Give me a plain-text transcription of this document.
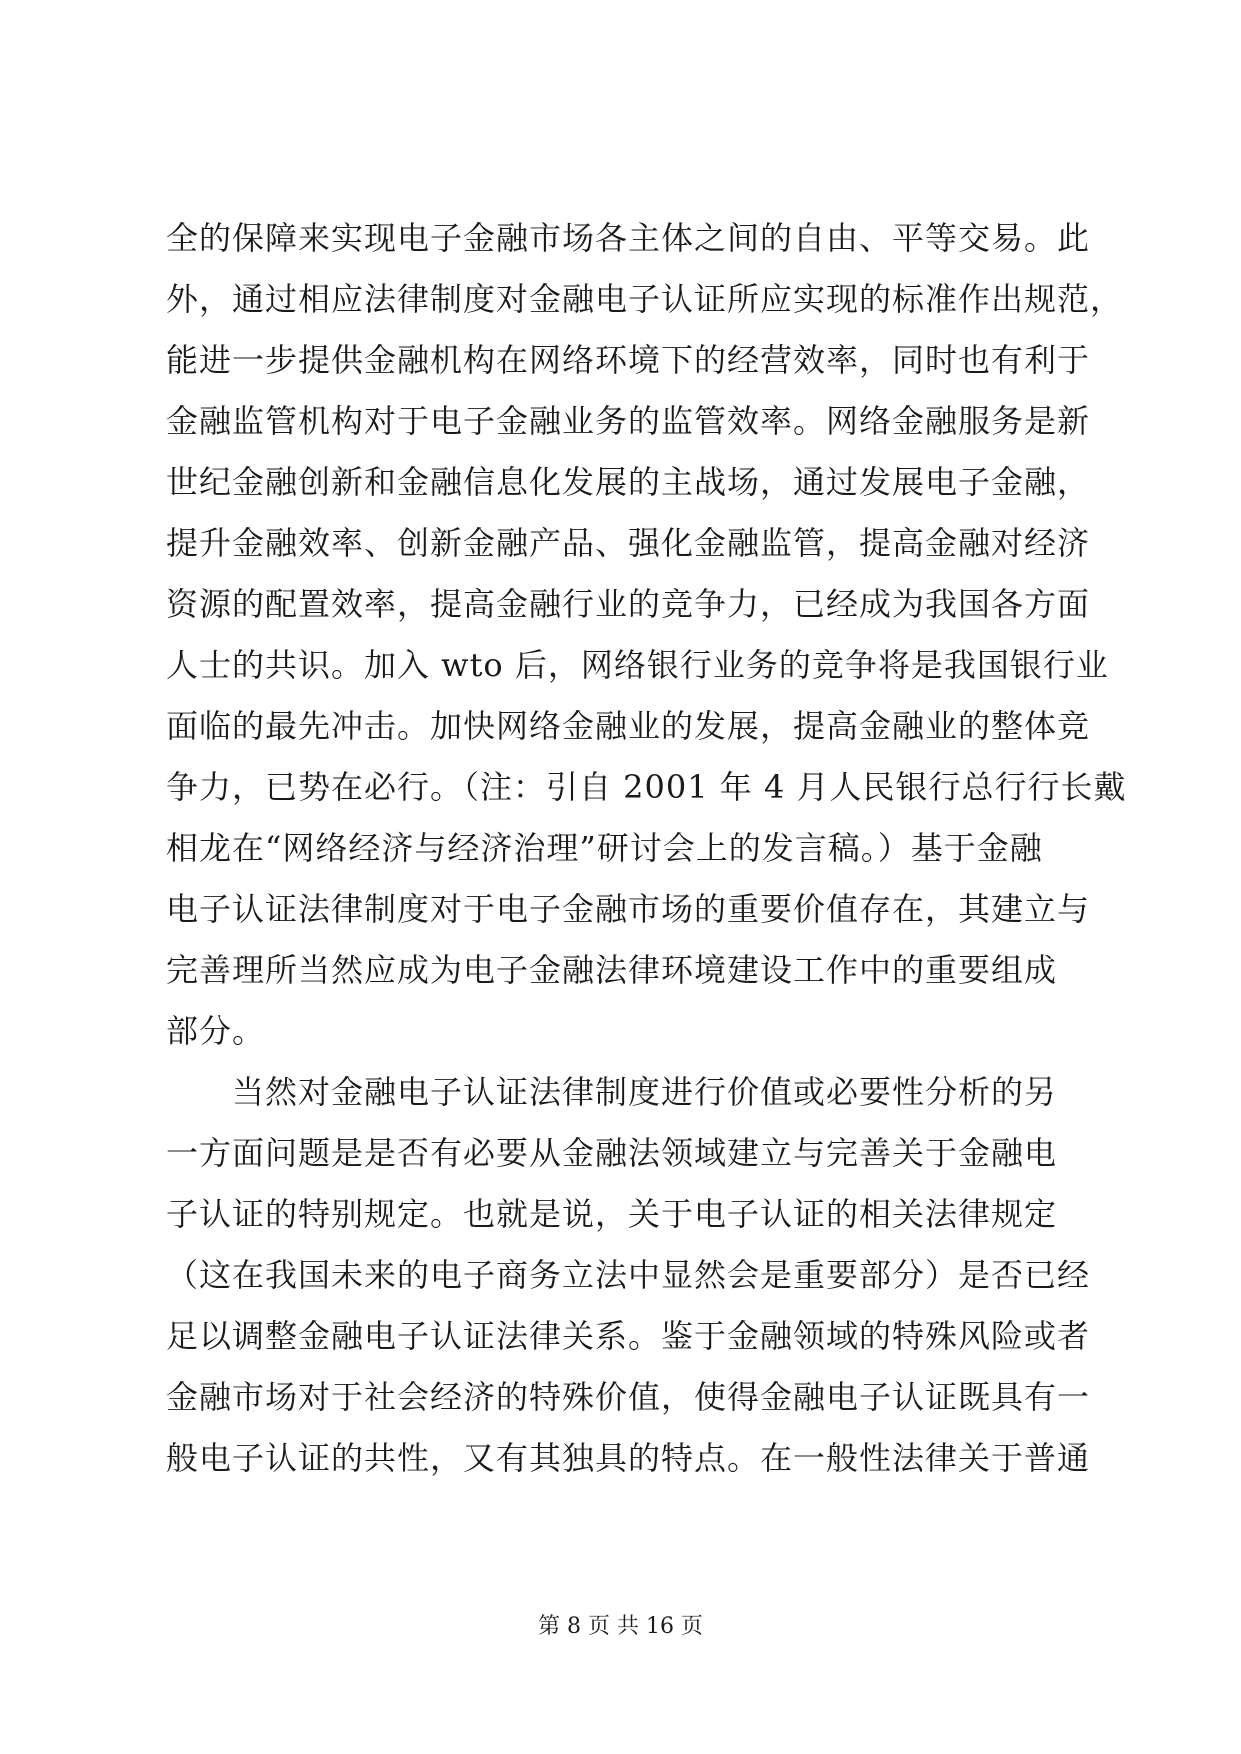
全的保障来实现电子金融市场各主体之间的自由、平等交易。此
外，通过相应法律制度对金融电子认证所应实现的标准作出规范，
能进一步提供金融机构在网络环境下的经营效率，同时也有利于
金融监管机构对于电子金融业务的监管效率。网络金融服务是新
世纪金融创新和金融信息化发展的主战场，通过发展电子金融，
提升金融效率、创新金融产品、强化金融监管，提高金融对经济
资源的配置效率，提高金融行业的竞争力，已经成为我国各方面
人士的共识。加入 wto 后，网络银行业务的竞争将是我国银行业
面临的最先冲击。加快网络金融业的发展，提高金融业的整体竞
争力，已势在必行。（注：引自 2001 年 4 月人民银行总行行长戴
相龙在“网络经济与经济治理”研讨会上的发言稿。）基于金融
电子认证法律制度对于电子金融市场的重要价值存在，其建立与
完善理所当然应成为电子金融法律环境建设工作中的重要组成
部分。
当然对金融电子认证法律制度进行价值或必要性分析的另
一方面问题是是否有必要从金融法领域建立与完善关于金融电
子认证的特别规定。也就是说，关于电子认证的相关法律规定
（这在我国未来的电子商务立法中显然会是重要部分）是否已经
足以调整金融电子认证法律关系。鉴于金融领域的特殊风险或者
金融市场对于社会经济的特殊价值，使得金融电子认证既具有一
般电子认证的共性，又有其独具的特点。在一般性法律关于普通
第 8 页 共 16 页
